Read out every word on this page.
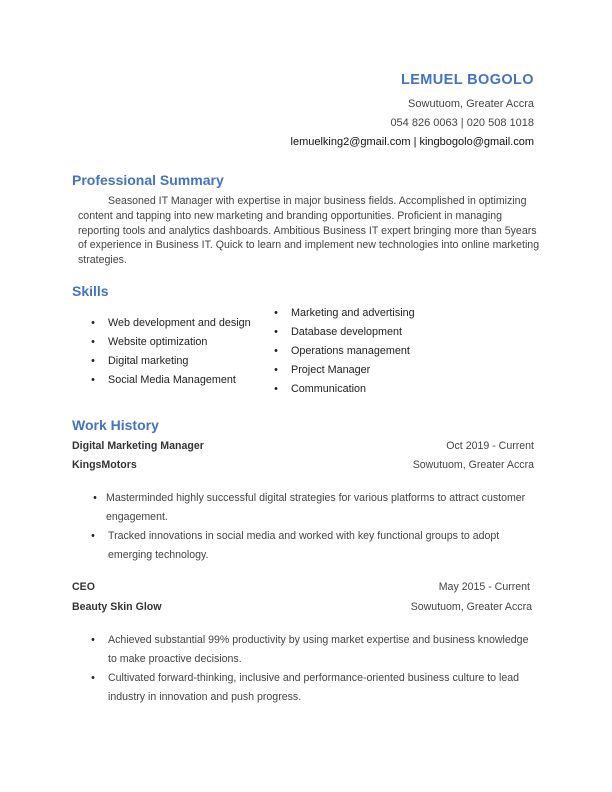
LEMUEL BOGOLO
Sowutuom, Greater Accra
054 826 0063 | 020 508 1018
lemuelking2@gmail.com | kingbogolo@gmail.com
Professional Summary
Seasoned IT Manager with expertise in major business fields. Accomplished in optimizing content and tapping into new marketing and branding opportunities. Proficient in managing reporting tools and analytics dashboards. Ambitious Business IT expert bringing more than 5years of experience in Business IT. Quick to learn and implement new technologies into online marketing strategies.
Skills
• Web development and design
• Website optimization
• Digital marketing
• Social Media Management
• Marketing and advertising
• Database development
• Operations management
• Project Manager
• Communication
Work History
Digital Marketing Manager	Oct 2019 - Current
KingsMotors	Sowutuom, Greater Accra
• Masterminded highly successful digital strategies for various platforms to attract customer engagement.
• Tracked innovations in social media and worked with key functional groups to adopt emerging technology.
CEO	May 2015 - Current
Beauty Skin Glow	Sowutuom, Greater Accra
• Achieved substantial 99% productivity by using market expertise and business knowledge to make proactive decisions.
• Cultivated forward-thinking, inclusive and performance-oriented business culture to lead industry in innovation and push progress.
